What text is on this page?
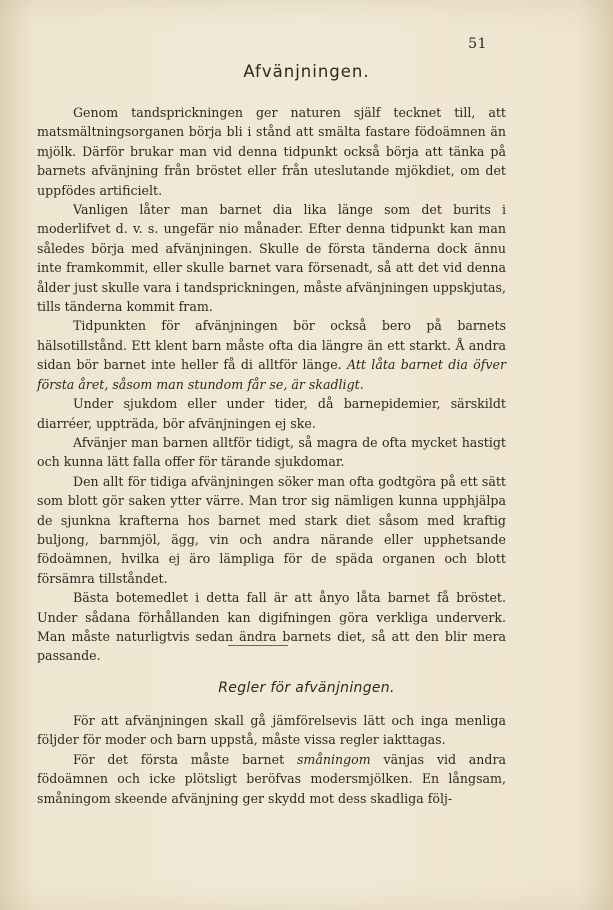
51
Afvänjningen.

Genom tandsprickningen ger naturen själf tecknet till, att matsmältningsorganen börja bli i stånd att smälta fastare födoämnen än mjölk. Därför brukar man vid denna tidpunkt också börja att tänka på barnets afvänjning från bröstet eller från uteslutande mjökdiet, om det uppfödes artificielt.

Vanligen låter man barnet dia lika länge som det burits i moderlifvet d. v. s. ungefär nio månader. Efter denna tidpunkt kan man således börja med afvänjningen. Skulle de första tänderna dock ännu inte framkommit, eller skulle barnet vara försenadt, så att det vid denna ålder just skulle vara i tandsprickningen, måste afvänjningen uppskjutas, tills tänderna kommit fram.

Tidpunkten för afvänjningen bör också bero på barnets hälsotillstånd. Ett klent barn måste ofta dia längre än ett starkt. Å andra sidan bör barnet inte heller få di alltför länge. Att låta barnet dia öfver första året, såsom man stundom får se, är skadligt.

Under sjukdom eller under tider, då barnepidemier, särskildt diarréer, uppträda, bör afvänjningen ej ske.

Afvänjer man barnen alltför tidigt, så magra de ofta mycket hastigt och kunna lätt falla offer för tärande sjukdomar.

Den allt för tidiga afvänjningen söker man ofta godtgöra på ett sätt som blott gör saken ytter värre. Man tror sig nämligen kunna upphjälpa de sjunkna krafterna hos barnet med stark diet såsom med kraftig buljong, barnmjöl, ägg, vin och andra närande eller upphetsande födoämnen, hvilka ej äro lämpliga för de späda organen och blott försämra tillståndet.

Bästa botemedlet i detta fall är att ånyo låta barnet få bröstet. Under sådana förhållanden kan digifningen göra verkliga underverk. Man måste naturligtvis sedan ändra barnets diet, så att den blir mera passande.

Regler för afvänjningen.

För att afvänjningen skall gå jämförelsevis lätt och inga menliga följder för moder och barn uppstå, måste vissa regler iakttagas.

För det första måste barnet småningom vänjas vid andra födoämnen och icke plötsligt beröfvas modersmjölken. En långsam, småningom skeende afvänjning ger skydd mot dess skadliga följ-
